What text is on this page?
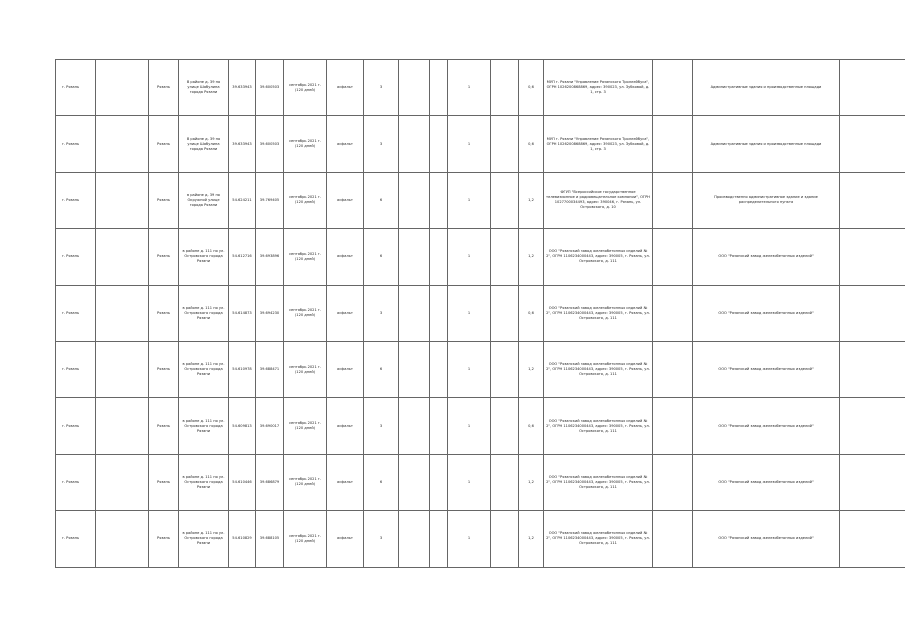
г. Рязань		Рязань	В районе д. 39 по улице Шабулина города Рязани	39.633943	39.600503	сентябрь 2021 г. (120 дней)	асфальт	3			1		0,6	МУП г. Рязани "Управление Рязанского Троллейбуса", ОГРН 1026200868869, адрес: 390023, ул. Зубковой, д. 1, стр. 3		Административные здания и производственные площади	
г. Рязань		Рязань	В районе д. 39 по улице Шабулина города Рязани	39.633943	39.600503	сентябрь 2021 г. (120 дней)	асфальт	3			1		0,6	МУП г. Рязани "Управление Рязанского Троллейбуса", ОГРН 1026200868869, адрес: 390023, ул. Зубковой, д. 1, стр. 3		Административные здания и производственные площади	
г. Рязань		Рязань	в районе д. 39 по Окружной улице города Рязани	54.624211	39.769405	сентябрь 2021 г. (120 дней)	асфальт	6			1		1,2	ФГУП "Всероссийское государственное телевизионное и радиовещательное компании", ОГРН 1027700034493, адрес: 390046, г. Рязань, ул. Островского, д. 10		Производственно административное здание и здание распределительного пункта	
г. Рязань		Рязань	в районе д. 111 по ул. Островского города Рязани	54.612716	39.693896	сентябрь 2021 г. (120 дней)	асфальт	6			1		1,2	ООО "Рязанский завод железобетонных изделий № 2", ОГРН 1106234000443, адрес: 390005, г. Рязань, ул. Островского, д. 111		ООО "Рязанский завод железобетонных изделий"	
г. Рязань		Рязань	в районе д. 111 по ул. Островского города Рязани	54.614873	39.694230	сентябрь 2021 г. (120 дней)	асфальт	3			1		0,6	ООО "Рязанский завод железобетонных изделий № 2", ОГРН 1106234000443, адрес: 390005, г. Рязань, ул. Островского, д. 111		ООО "Рязанский завод железобетонных изделий"	
г. Рязань		Рязань	в районе д. 111 по ул. Островского города Рязани	54.610978	39.688471	сентябрь 2021 г. (120 дней)	асфальт	6			1		1,2	ООО "Рязанский завод железобетонных изделий № 2", ОГРН 1106234000443, адрес: 390005, г. Рязань, ул. Островского, д. 111		ООО "Рязанский завод железобетонных изделий"	
г. Рязань		Рязань	в районе д. 111 по ул. Островского города Рязани	54.609813	39.690017	сентябрь 2021 г. (120 дней)	асфальт	3			1		0,6	ООО "Рязанский завод железобетонных изделий № 2", ОГРН 1106234000443, адрес: 390005, г. Рязань, ул. Островского, д. 111		ООО "Рязанский завод железобетонных изделий"	
г. Рязань		Рязань	в районе д. 111 по ул. Островского города Рязани	54.610446	39.686879	сентябрь 2021 г. (120 дней)	асфальт	6			1		1,2	ООО "Рязанский завод железобетонных изделий № 2", ОГРН 1106234000443, адрес: 390005, г. Рязань, ул. Островского, д. 111		ООО "Рязанский завод железобетонных изделий"	
г. Рязань		Рязань	в районе д. 111 по ул. Островского города Рязани	54.610829	39.688105	сентябрь 2021 г. (120 дней)	асфальт	3			1		1,2	ООО "Рязанский завод железобетонных изделий № 2", ОГРН 1106234000443, адрес: 390005, г. Рязань, ул. Островского, д. 111		ООО "Рязанский завод железобетонных изделий"	
